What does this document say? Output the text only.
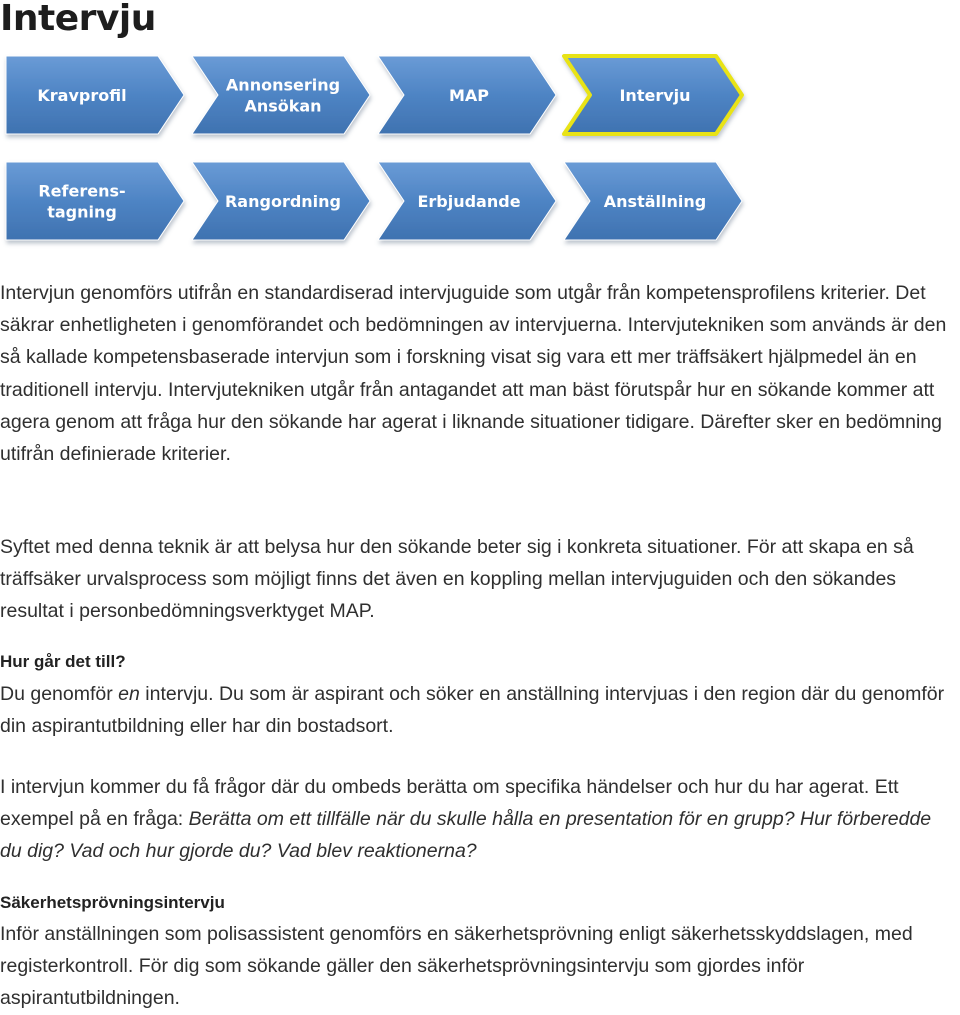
Intervju
Kravprofil
Annonsering Ansökan
MAP	Intervju
Referens-tagning
Rangordning	Erbjudande	Anställning

Intervjun genomförs utifrån en standardiserad intervjuguide som utgår från kompetensprofilens kriterier. Det säkrar enhetligheten i genomförandet och bedömningen av intervjuerna. Intervjutekniken som används är den så kallade kompetensbaserade intervjun som i forskning visat sig vara ett mer träffsäkert hjälpmedel än en traditionell intervju. Intervjutekniken utgår från antagandet att man bäst förutspår hur en sökande kommer att agera genom att fråga hur den sökande har agerat i liknande situationer tidigare. Därefter sker en bedömning utifrån definierade kriterier.

Syftet med denna teknik är att belysa hur den sökande beter sig i konkreta situationer. För att skapa en så träffsäker urvalsprocess som möjligt finns det även en koppling mellan intervjuguiden och den sökandes resultat i personbedömningsverktyget MAP.

Hur går det till?

Du genomför en intervju. Du som är aspirant och söker en anställning intervjuas i den region där du genomför din aspirantutbildning eller har din bostadsort.

I intervjun kommer du få frågor där du ombeds berätta om specifika händelser och hur du har agerat. Ett exempel på en fråga: Berätta om ett tillfälle när du skulle hålla en presentation för en grupp? Hur förberedde du dig? Vad och hur gjorde du? Vad blev reaktionerna?

Säkerhetsprövningsintervju

Inför anställningen som polisassistent genomförs en säkerhetsprövning enligt säkerhetsskyddslagen, med registerkontroll. För dig som sökande gäller den säkerhetsprövningsintervju som gjordes inför aspirantutbildningen.
